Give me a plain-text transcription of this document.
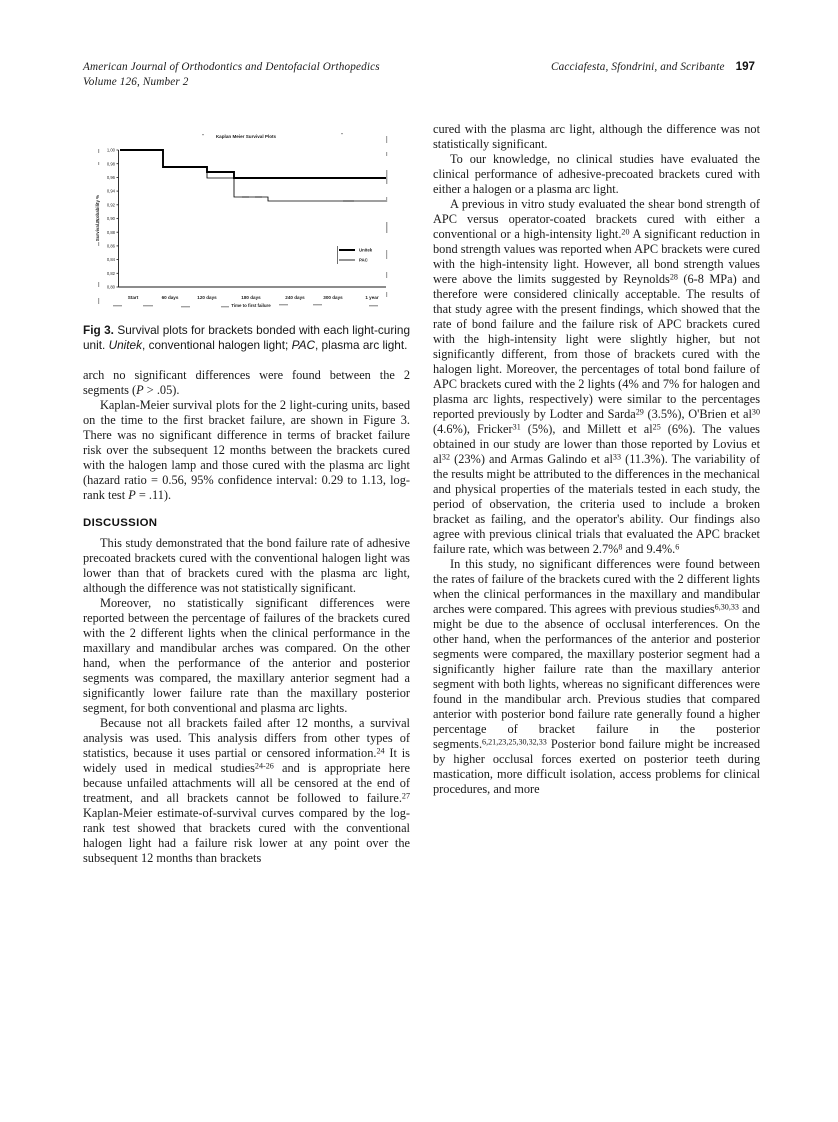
American Journal of Orthodontics and Dentofacial Orthopedics
Volume 126, Number 2
Cacciafesta, Sfondrini, and Scribante 197
Kaplan Meier Survival Plots
1,00
0,98
0,96
0,94
0,92
0,90
0,88
0,86
0,84
0,82
0,80
Survival Probability %
Start	60 days	120 days	180 days	240 days	300 days	1 year
Time to first failure
Unitek
PAC
Fig 3. Survival plots for brackets bonded with each light-curing unit. Unitek, conventional halogen light; PAC, plasma arc light.

arch no significant differences were found between the 2 segments (P > .05).

Kaplan-Meier survival plots for the 2 light-curing units, based on the time to the first bracket failure, are shown in Figure 3. There was no significant difference in terms of bracket failure risk over the subsequent 12 months between the brackets cured with the halogen lamp and those cured with the plasma arc light (hazard ratio = 0.56, 95% confidence interval: 0.29 to 1.13, log-rank test P = .11).

DISCUSSION

This study demonstrated that the bond failure rate of adhesive precoated brackets cured with the conventional halogen light was lower than that of brackets cured with the plasma arc light, although the difference was not statistically significant.

Moreover, no statistically significant differences were reported between the percentage of failures of the brackets cured with the 2 different lights when the clinical performance in the maxillary and mandibular arches was compared. On the other hand, when the performance of the anterior and posterior segments was compared, the maxillary anterior segment had a significantly lower failure rate than the maxillary posterior segment, for both conventional and plasma arc lights.

Because not all brackets failed after 12 months, a survival analysis was used. This analysis differs from other types of statistics, because it uses partial or censored information.$^{24}$ It is widely used in medical studies$^{24-26}$ and is appropriate here because unfailed attachments will all be censored at the end of treatment, and all brackets cannot be followed to failure.$^{27}$ Kaplan-Meier estimate-of-survival curves compared by the log-rank test showed that brackets cured with the conventional halogen light had a failure risk lower at any point over the subsequent 12 months than brackets

cured with the plasma arc light, although the difference was not statistically significant.

To our knowledge, no clinical studies have evaluated the clinical performance of adhesive-precoated brackets cured with either a halogen or a plasma arc light.

A previous in vitro study evaluated the shear bond strength of APC versus operator-coated brackets cured with either a conventional or a high-intensity light.$^{20}$ A significant reduction in bond strength values was reported when APC brackets were cured with the high-intensity light. However, all bond strength values were above the limits suggested by Reynolds$^{28}$ (6-8 MPa) and therefore were considered clinically acceptable. The results of that study agree with the present findings, which showed that the rate of bond failure and the failure risk of APC brackets cured with the high-intensity light were slightly higher, but not significantly different, from those of brackets cured with the halogen light. Moreover, the percentages of total bond failure of APC brackets cured with the 2 lights (4% and 7% for halogen and plasma arc lights, respectively) were similar to the percentages reported previously by Lodter and Sarda$^{29}$ (3.5%), O'Brien et $al^{30}$ (4.6%), Fricker$^{31}$ (5%), and Millett et $al^{25}$ (6%). The values obtained in our study are lower than those reported by Lovius et $al^{32}$ (23%) and Armas Galindo et $al^{33}$ (11.3%). The variability of the results might be attributed to the differences in the mechanical and physical properties of the materials tested in each study, the period of observation, the criteria used to include a broken bracket as failing, and the operator's ability. Our findings also agree with previous clinical trials that evaluated the APC bracket failure rate, which was between 2.7%$^8$ and 9.4%.$^6$

In this study, no significant differences were found between the rates of failure of the brackets cured with the 2 different lights when the clinical performances in the maxillary and mandibular arches were compared. This agrees with previous studies$^{6,30,33}$ and might be due to the absence of occlusal interferences. On the other hand, when the performances of the anterior and posterior segments were compared, the maxillary posterior segment had a significantly higher failure rate than the maxillary anterior segment with both lights, whereas no significant differences were found in the mandibular arch. Previous studies that compared anterior with posterior bond failure rate generally found a higher percentage of bracket failure in the posterior segments.$^{6,21,23,25,30,32,33}$ Posterior bond failure might be increased by higher occlusal forces exerted on posterior teeth during mastication, more difficult isolation, access problems for clinical procedures, and more
